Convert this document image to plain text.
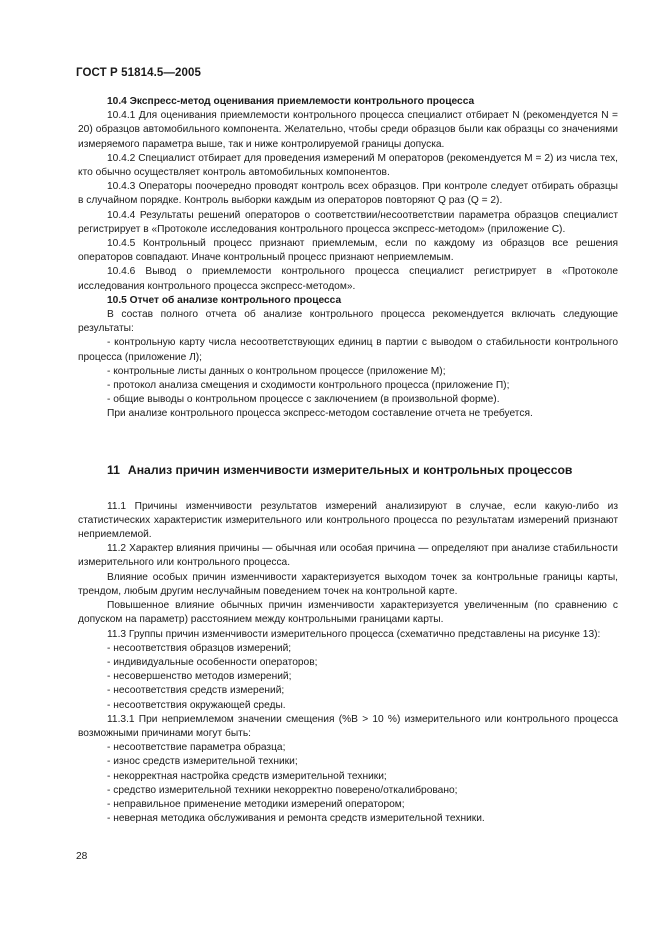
ГОСТ Р 51814.5—2005

10.4 Экспресс-метод оценивания приемлемости контрольного процесса

10.4.1 Для оценивания приемлемости контрольного процесса специалист отбирает N (рекомендуется N = 20) образцов автомобильного компонента. Желательно, чтобы среди образцов были как образцы со значениями измеряемого параметра выше, так и ниже контролируемой границы допуска.

10.4.2 Специалист отбирает для проведения измерений M операторов (рекомендуется M = 2) из числа тех, кто обычно осуществляет контроль автомобильных компонентов.

10.4.3 Операторы поочередно проводят контроль всех образцов. При контроле следует отбирать образцы в случайном порядке. Контроль выборки каждым из операторов повторяют Q раз (Q = 2).

10.4.4 Результаты решений операторов о соответствии/несоответствии параметра образцов специалист регистрирует в «Протоколе исследования контрольного процесса экспресс-методом» (приложение С).

10.4.5 Контрольный процесс признают приемлемым, если по каждому из образцов все решения операторов совпадают. Иначе контрольный процесс признают неприемлемым.

10.4.6 Вывод о приемлемости контрольного процесса специалист регистрирует в «Протоколе исследования контрольного процесса экспресс-методом».

10.5 Отчет об анализе контрольного процесса

В состав полного отчета об анализе контрольного процесса рекомендуется включать следующие результаты:

- контрольную карту числа несоответствующих единиц в партии с выводом о стабильности контрольного процесса (приложение Л);

- контрольные листы данных о контрольном процессе (приложение М);

- протокол анализа смещения и сходимости контрольного процесса (приложение П);

- общие выводы о контрольном процессе с заключением (в произвольной форме).

При анализе контрольного процесса экспресс-методом составление отчета не требуется.

11 Анализ причин изменчивости измерительных и контрольных процессов

11.1 Причины изменчивости результатов измерений анализируют в случае, если какую-либо из статистических характеристик измерительного или контрольного процесса по результатам измерений признают неприемлемой.

11.2 Характер влияния причины — обычная или особая причина — определяют при анализе стабильности измерительного или контрольного процесса.

Влияние особых причин изменчивости характеризуется выходом точек за контрольные границы карты, трендом, любым другим неслучайным поведением точек на контрольной карте.

Повышенное влияние обычных причин изменчивости характеризуется увеличенным (по сравнению с допуском на параметр) расстоянием между контрольными границами карты.

11.3 Группы причин изменчивости измерительного процесса (схематично представлены на рисунке 13):

- несоответствия образцов измерений;

- индивидуальные особенности операторов;

- несовершенство методов измерений;

- несоответствия средств измерений;

- несоответствия окружающей среды.

11.3.1 При неприемлемом значении смещения (%B > 10 %) измерительного или контрольного процесса возможными причинами могут быть:

- несоответствие параметра образца;

- износ средств измерительной техники;

- некорректная настройка средств измерительной техники;

- средство измерительной техники некорректно поверено/откалибровано;

- неправильное применение методики измерений оператором;

- неверная методика обслуживания и ремонта средств измерительной техники.

28
